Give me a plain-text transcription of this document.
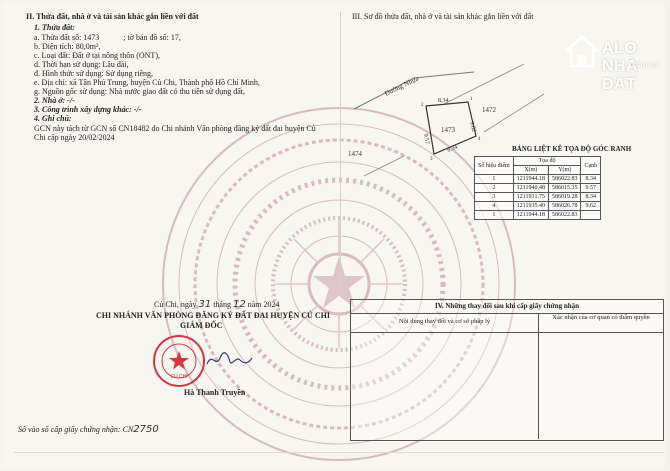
II. Thửa đất, nhà ở và tài sản khác gắn liền với đất
1. Thửa đất:
a. Thửa đất số: 1473	; tờ bản đồ số: 17,
b. Diện tích: 80,0m²,
c. Loại đất: Đất ở tại nông thôn (ONT),
d. Thời hạn sử dụng: Lâu dài,
đ. Hình thức sử dụng: Sử dụng riêng,
e. Địa chỉ: xã Tân Phú Trung, huyện Củ Chi, Thành phố Hồ Chí Minh,
g. Nguồn gốc sử dụng: Nhà nước giao đất có thu tiền sử dụng đất,
2. Nhà ở: -/-
3. Công trình xây dựng khác: -/-
4. Ghi chú:
GCN này tách từ GCN số CN18482 do Chi nhánh Văn phòng đăng ký đất đai huyện Củ
Chi cấp ngày 20/02/2024
Củ Chi, ngày 31 tháng 12 năm 2024
CHI NHÁNH VĂN PHÒNG ĐĂNG KÝ ĐẤT ĐAI HUYỆN CỦ CHI
GIÁM ĐỐC
CỦ CHI
Hà Thanh Truyền
Số vào sổ cấp giấy chứng nhận: CN2750
III. Sơ đồ thửa đất, nhà ở và tài sản khác gắn liền với đất
Đường Nhựa
1473
1472
1474
8.34
9.62
9.57
8.34
1
2
3
4
BẢNG LIỆT KÊ TỌA ĐỘ GÓC RANH
Số hiệu điểm	Tọa độ		Cạnh
	X(m)	Y(m)	
1	1211944.18	586022.83	8.34
2	1211940.48	586015.35	9.57
3	1211931.75	586019.28	8.34
4	1211935.40	586026.78	9.62
1	1211944.18	586022.83	
IV. Những thay đổi sau khi cấp giấy chứng nhận
Nội dung thay đổi và cơ sở pháp lý
Xác nhận của cơ quan có thẩm quyền
ALO NHÀ ĐẤT
.com.vn
